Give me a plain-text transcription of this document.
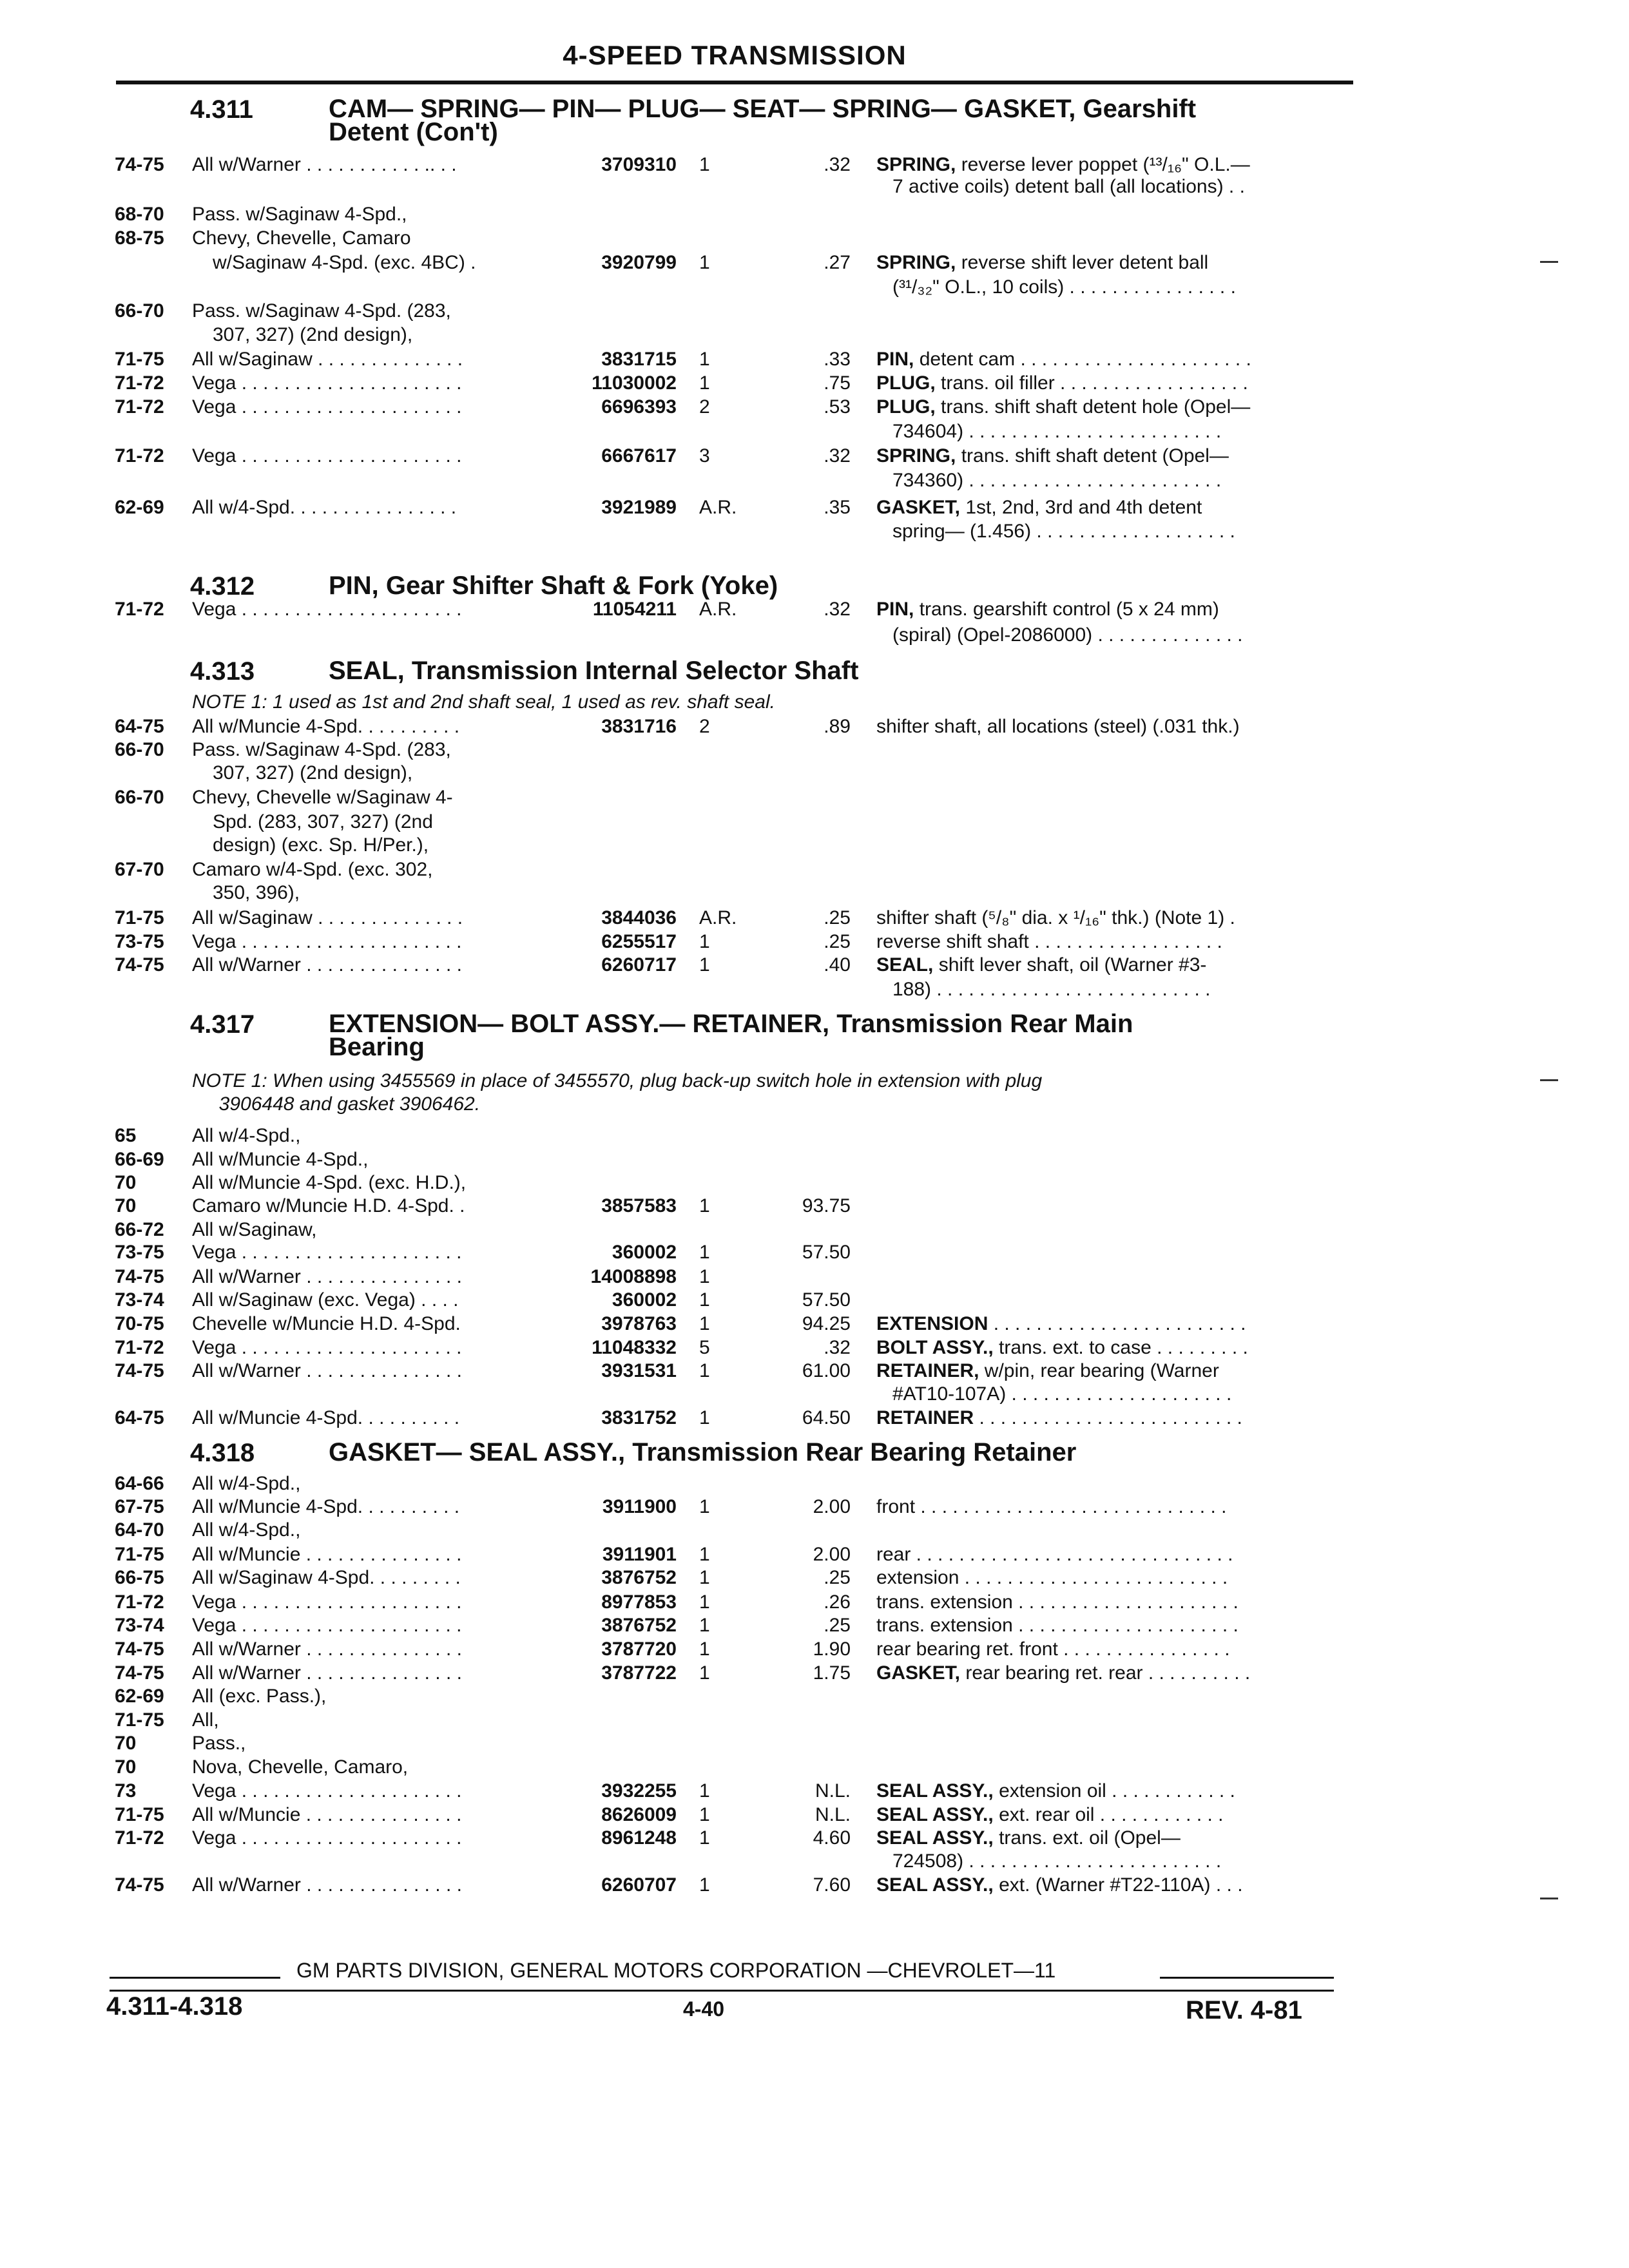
4-SPEED TRANSMISSION
4.311	CAM— SPRING— PIN— PLUG— SEAT— SPRING— GASKET, Gearshift
Detent (Con't)
74-75 All w/Warner . . . . . . . . . . . .. . .	3709310 1	.32 SPRING, reverse lever poppet (¹³/₁₆" O.L.—
7 active coils) detent ball (all locations) . .
68-70 Pass. w/Saginaw 4-Spd.,
68-75 Chevy, Chevelle, Camaro
w/Saginaw 4-Spd. (exc. 4BC) .	3920799 1	.27 SPRING, reverse shift lever detent ball
(³¹/₃₂" O.L., 10 coils) . . . . . . . . . . . . . . . .
66-70 Pass. w/Saginaw 4-Spd. (283,
307, 327) (2nd design),
71-75 All w/Saginaw . . . . . . . . . . . . . .	3831715 1	.33 PIN, detent cam . . . . . . . . . . . . . . . . . . . . . .
71-72 Vega . . . . . . . . . . . . . . . . . . . . .	11030002 1	.75 PLUG, trans. oil filler . . . . . . . . . . . . . . . . . .
71-72 Vega . . . . . . . . . . . . . . . . . . . . .	6696393 2	.53 PLUG, trans. shift shaft detent hole (Opel—
734604) . . . . . . . . . . . . . . . . . . . . . . . .
71-72 Vega . . . . . . . . . . . . . . . . . . . . .	6667617 3	.32 SPRING, trans. shift shaft detent (Opel—
734360) . . . . . . . . . . . . . . . . . . . . . . . .
62-69 All w/4-Spd. . . . . . . . . . . . . . . .	3921989 A.R.	.35 GASKET, 1st, 2nd, 3rd and 4th detent
spring— (1.456) . . . . . . . . . . . . . . . . . . .
4.312	PIN, Gear Shifter Shaft & Fork (Yoke)
71-72 Vega . . . . . . . . . . . . . . . . . . . . .	11054211 A.R.	.32 PIN, trans. gearshift control (5 x 24 mm)
(spiral) (Opel-2086000) . . . . . . . . . . . . . .
4.313	SEAL, Transmission Internal Selector Shaft
NOTE 1: 1 used as 1st and 2nd shaft seal, 1 used as rev. shaft seal.
64-75 All w/Muncie 4-Spd. . . . . . . . . .	3831716 2	.89 shifter shaft, all locations (steel) (.031 thk.)
66-70 Pass. w/Saginaw 4-Spd. (283,
307, 327) (2nd design),
66-70 Chevy, Chevelle w/Saginaw 4-
Spd. (283, 307, 327) (2nd
design) (exc. Sp. H/Per.),
67-70 Camaro w/4-Spd. (exc. 302,
350, 396),
71-75 All w/Saginaw . . . . . . . . . . . . . .	3844036 A.R.	.25 shifter shaft (⁵/₈" dia. x ¹/₁₆" thk.) (Note 1) .
73-75 Vega . . . . . . . . . . . . . . . . . . . . .	6255517 1	.25 reverse shift shaft . . . . . . . . . . . . . . . . . .
74-75 All w/Warner . . . . . . . . . . . . . . .	6260717 1	.40 SEAL, shift lever shaft, oil (Warner #3-
188) . . . . . . . . . . . . . . . . . . . . . . . . . .
4.317	EXTENSION— BOLT ASSY.— RETAINER, Transmission Rear Main
Bearing
NOTE 1: When using 3455569 in place of 3455570, plug back-up switch hole in extension with plug
3906448 and gasket 3906462.
65	All w/4-Spd.,
66-69 All w/Muncie 4-Spd.,
70	All w/Muncie 4-Spd. (exc. H.D.),
70	Camaro w/Muncie H.D. 4-Spd. .	3857583 1	93.75
66-72 All w/Saginaw,
73-75 Vega . . . . . . . . . . . . . . . . . . . . .	360002 1	57.50
74-75 All w/Warner . . . . . . . . . . . . . . .	14008898 1
73-74 All w/Saginaw (exc. Vega) . . . .	360002 1	57.50
70-75 Chevelle w/Muncie H.D. 4-Spd.	3978763 1	94.25 EXTENSION . . . . . . . . . . . . . . . . . . . . . . . .
71-72 Vega . . . . . . . . . . . . . . . . . . . . .	11048332 5	.32 BOLT ASSY., trans. ext. to case . . . . . . . . .
74-75 All w/Warner . . . . . . . . . . . . . . .	3931531 1	61.00 RETAINER, w/pin, rear bearing (Warner
#AT10-107A) . . . . . . . . . . . . . . . . . . . . .
64-75 All w/Muncie 4-Spd. . . . . . . . . .	3831752 1	64.50 RETAINER . . . . . . . . . . . . . . . . . . . . . . . . .
4.318	GASKET— SEAL ASSY., Transmission Rear Bearing Retainer
64-66 All w/4-Spd.,
67-75 All w/Muncie 4-Spd. . . . . . . . . .	3911900 1	2.00 front . . . . . . . . . . . . . . . . . . . . . . . . . . . . .
64-70 All w/4-Spd.,
71-75 All w/Muncie . . . . . . . . . . . . . . .	3911901 1	2.00 rear . . . . . . . . . . . . . . . . . . . . . . . . . . . . . .
66-75 All w/Saginaw 4-Spd. . . . . . . . .	3876752 1	.25 extension . . . . . . . . . . . . . . . . . . . . . . . . .
71-72 Vega . . . . . . . . . . . . . . . . . . . . .	8977853 1	.26 trans. extension . . . . . . . . . . . . . . . . . . . . .
73-74 Vega . . . . . . . . . . . . . . . . . . . . .	3876752 1	.25 trans. extension . . . . . . . . . . . . . . . . . . . . .
74-75 All w/Warner . . . . . . . . . . . . . . .	3787720 1	1.90 rear bearing ret. front . . . . . . . . . . . . . . . .
74-75 All w/Warner . . . . . . . . . . . . . . .	3787722 1	1.75 GASKET, rear bearing ret. rear . . . . . . . . . .
62-69 All (exc. Pass.),
71-75 All,
70	Pass.,
70	Nova, Chevelle, Camaro,
73	Vega . . . . . . . . . . . . . . . . . . . . .	3932255 1	N.L. SEAL ASSY., extension oil . . . . . . . . . . . .
71-75 All w/Muncie . . . . . . . . . . . . . . .	8626009 1	N.L. SEAL ASSY., ext. rear oil . . . . . . . . . . . .
71-72 Vega . . . . . . . . . . . . . . . . . . . . .	8961248 1	4.60 SEAL ASSY., trans. ext. oil (Opel—
724508) . . . . . . . . . . . . . . . . . . . . . . . .
74-75 All w/Warner . . . . . . . . . . . . . . .	6260707 1	7.60 SEAL ASSY., ext. (Warner #T22-110A) . . .
GM PARTS DIVISION, GENERAL MOTORS CORPORATION —CHEVROLET—11
4.311-4.318	4-40	REV. 4-81
